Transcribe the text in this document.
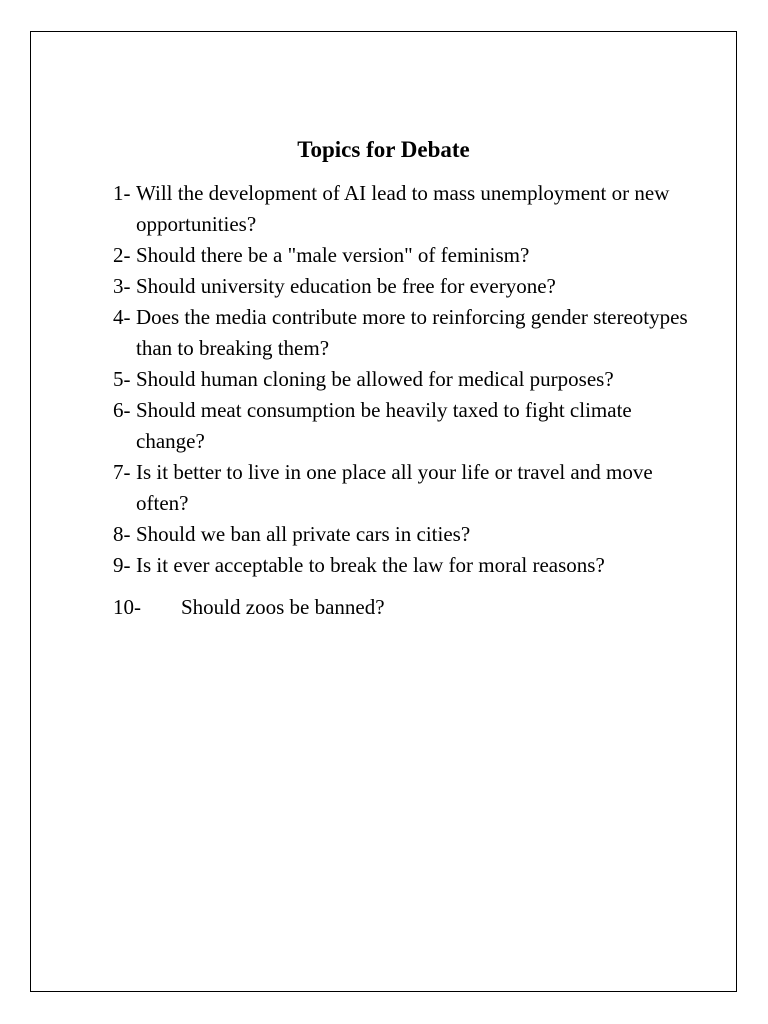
Topics for Debate
1- Will the development of AI lead to mass unemployment or new opportunities?
2- Should there be a "male version" of feminism?
3- Should university education be free for everyone?
4- Does the media contribute more to reinforcing gender stereotypes than to breaking them?
5- Should human cloning be allowed for medical purposes?
6- Should meat consumption be heavily taxed to fight climate change?
7- Is it better to live in one place all your life or travel and move often?
8- Should we ban all private cars in cities?
9- Is it ever acceptable to break the law for moral reasons?
10-	Should zoos be banned?
